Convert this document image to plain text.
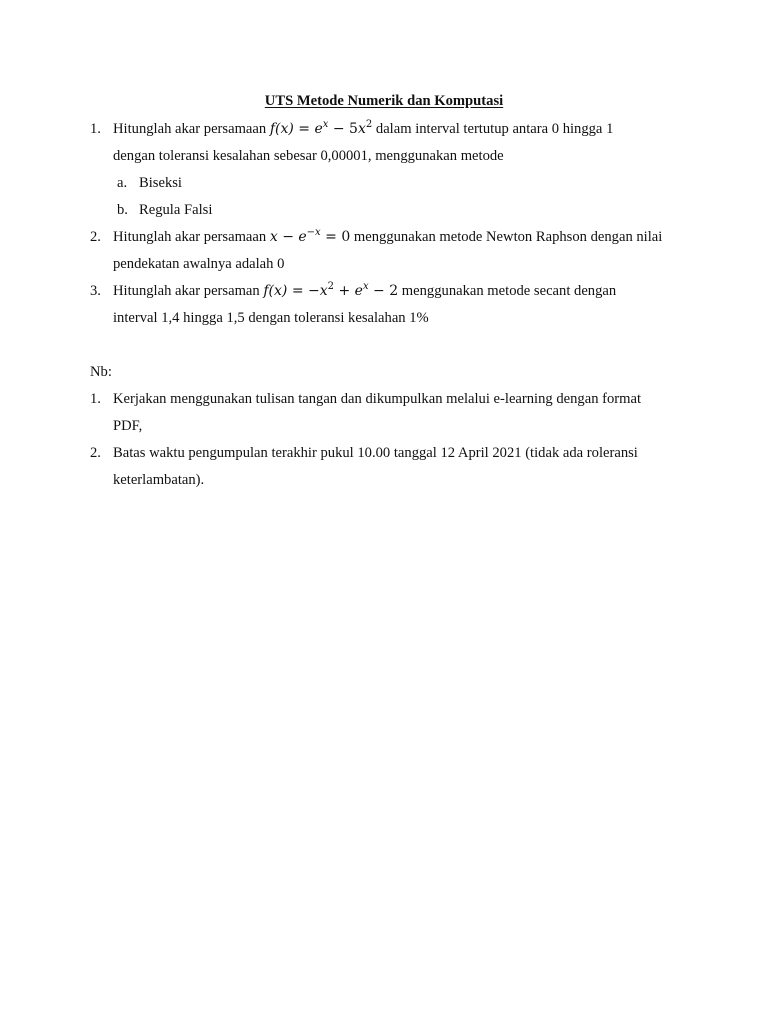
UTS Metode Numerik dan Komputasi
1. Hitunglah akar persamaan $f(x) = e^x - 5x^2$ dalam interval tertutup antara 0 hingga 1
dengan toleransi kesalahan sebesar 0,00001, menggunakan metode
a. Biseksi
b. Regula Falsi
2. Hitunglah akar persamaan $x - e^{-x} = 0$ menggunakan metode Newton Raphson dengan nilai
pendekatan awalnya adalah 0
3. Hitunglah akar persaman $f(x) = -x^2 + e^x - 2$ menggunakan metode secant dengan
interval 1,4 hingga 1,5 dengan toleransi kesalahan 1%
Nb:
1. Kerjakan menggunakan tulisan tangan dan dikumpulkan melalui e-learning dengan format
PDF,
2. Batas waktu pengumpulan terakhir pukul 10.00 tanggal 12 April 2021 (tidak ada roleransi
keterlambatan).
